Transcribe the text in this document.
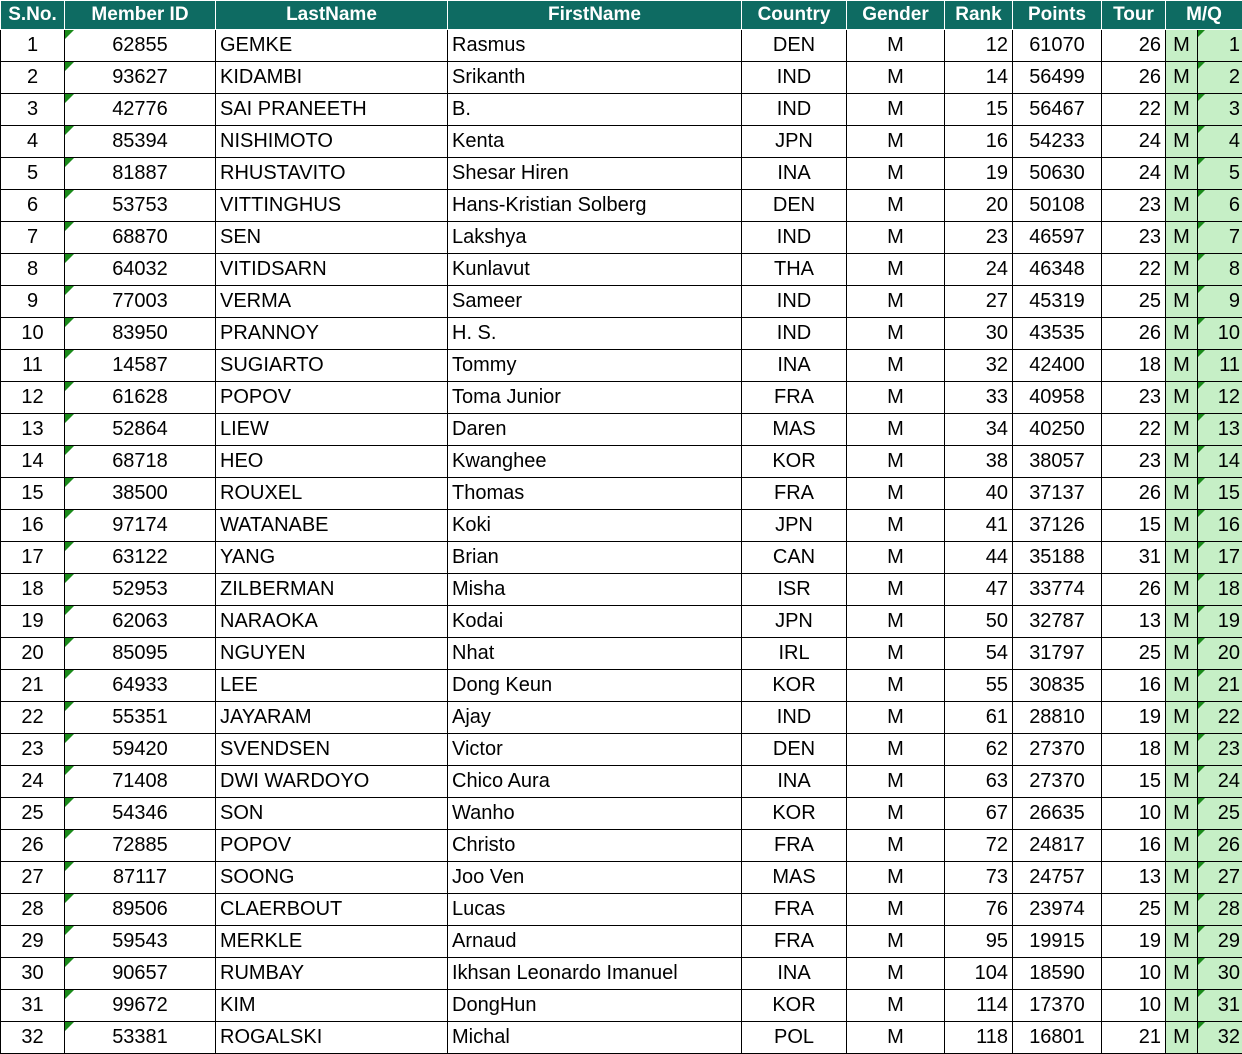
S.No.	Member ID	LastName	FirstName	Country	Gender	Rank	Points	Tour	M/Q	
1	62855	GEMKE	Rasmus	DEN	M	12	61070	26	M	1
2	93627	KIDAMBI	Srikanth	IND	M	14	56499	26	M	2
3	42776	SAI PRANEETH	B.	IND	M	15	56467	22	M	3
4	85394	NISHIMOTO	Kenta	JPN	M	16	54233	24	M	4
5	81887	RHUSTAVITO	Shesar Hiren	INA	M	19	50630	24	M	5
6	53753	VITTINGHUS	Hans-Kristian Solberg	DEN	M	20	50108	23	M	6
7	68870	SEN	Lakshya	IND	M	23	46597	23	M	7
8	64032	VITIDSARN	Kunlavut	THA	M	24	46348	22	M	8
9	77003	VERMA	Sameer	IND	M	27	45319	25	M	9
10	83950	PRANNOY	H. S.	IND	M	30	43535	26	M	10
11	14587	SUGIARTO	Tommy	INA	M	32	42400	18	M	11
12	61628	POPOV	Toma Junior	FRA	M	33	40958	23	M	12
13	52864	LIEW	Daren	MAS	M	34	40250	22	M	13
14	68718	HEO	Kwanghee	KOR	M	38	38057	23	M	14
15	38500	ROUXEL	Thomas	FRA	M	40	37137	26	M	15
16	97174	WATANABE	Koki	JPN	M	41	37126	15	M	16
17	63122	YANG	Brian	CAN	M	44	35188	31	M	17
18	52953	ZILBERMAN	Misha	ISR	M	47	33774	26	M	18
19	62063	NARAOKA	Kodai	JPN	M	50	32787	13	M	19
20	85095	NGUYEN	Nhat	IRL	M	54	31797	25	M	20
21	64933	LEE	Dong Keun	KOR	M	55	30835	16	M	21
22	55351	JAYARAM	Ajay	IND	M	61	28810	19	M	22
23	59420	SVENDSEN	Victor	DEN	M	62	27370	18	M	23
24	71408	DWI WARDOYO	Chico Aura	INA	M	63	27370	15	M	24
25	54346	SON	Wanho	KOR	M	67	26635	10	M	25
26	72885	POPOV	Christo	FRA	M	72	24817	16	M	26
27	87117	SOONG	Joo Ven	MAS	M	73	24757	13	M	27
28	89506	CLAERBOUT	Lucas	FRA	M	76	23974	25	M	28
29	59543	MERKLE	Arnaud	FRA	M	95	19915	19	M	29
30	90657	RUMBAY	Ikhsan Leonardo Imanuel	INA	M	104	18590	10	M	30
31	99672	KIM	DongHun	KOR	M	114	17370	10	M	31
32	53381	ROGALSKI	Michal	POL	M	118	16801	21	M	32
